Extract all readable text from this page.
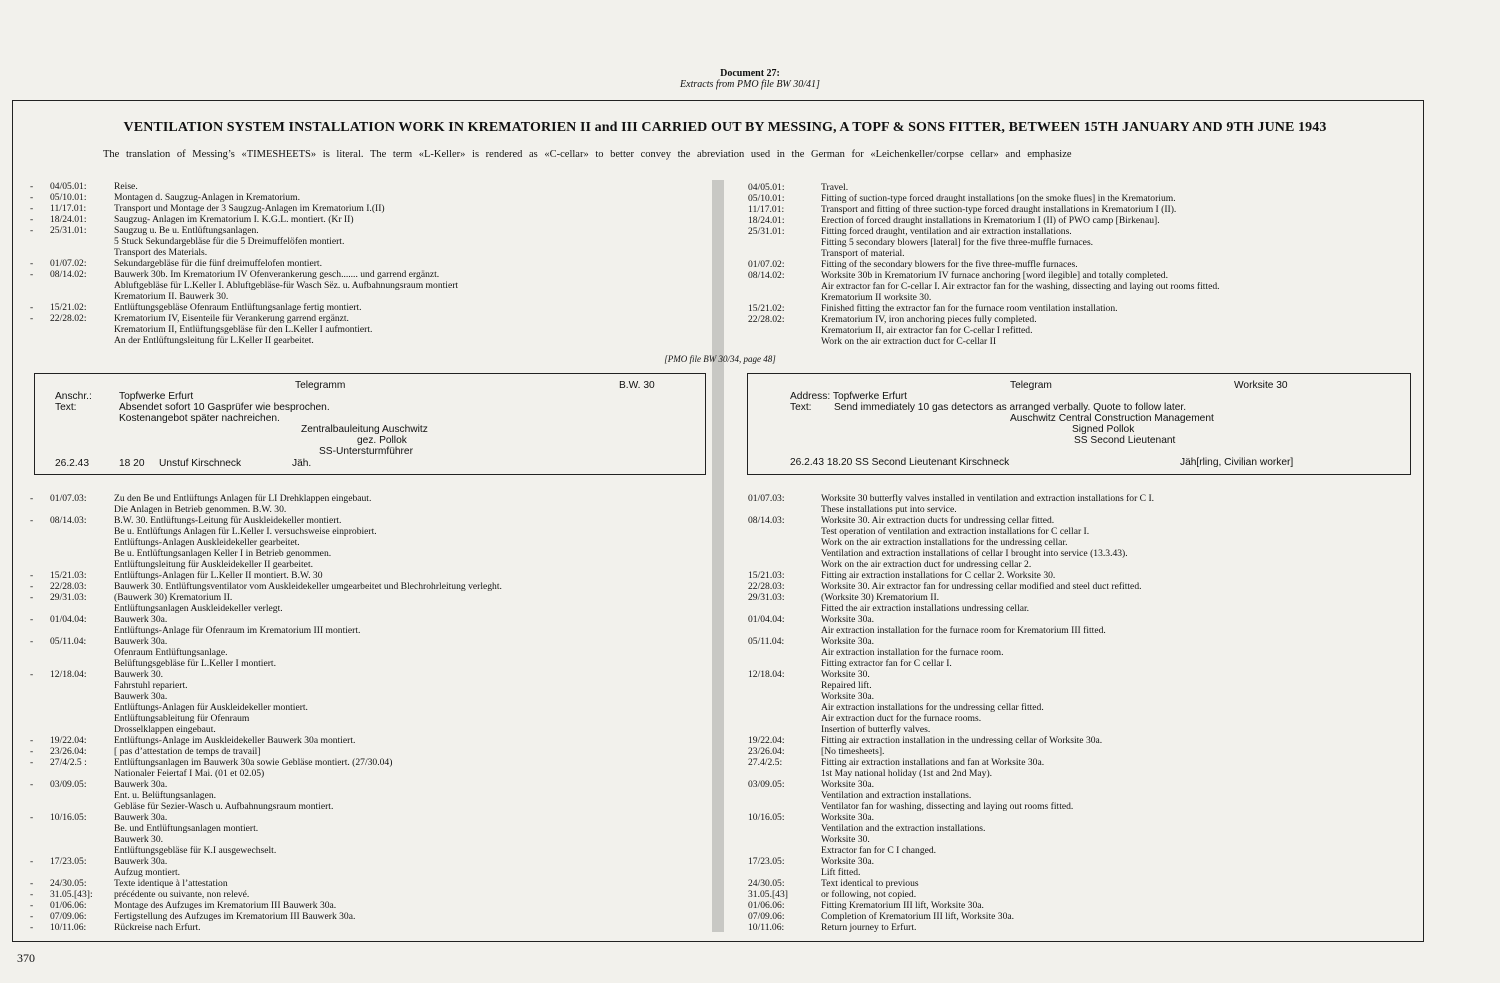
Document 27:
Extracts from PMO file BW 30/41]
VENTILATION SYSTEM INSTALLATION WORK IN KREMATORIEN II and III CARRIED OUT BY MESSING, A TOPF & SONS FITTER, BETWEEN 15TH JANUARY AND 9TH JUNE 1943
The translation of Messing’s «TIMESHEETS» is literal. The term «L-Keller» is rendered as «C-cellar» to better convey the abreviation used in the German for «Leichenkeller/corpse cellar» and emphasize
-	04/05.01:	Reise.
-	05/10.01:	Montagen d. Saugzug-Anlagen in Krematorium.
-	11/17.01:	Transport und Montage der 3 Saugzug-Anlagen im Krematorium I.(II)
-	18/24.01:	Saugzug- Anlagen im Krematorium I. K.G.L. montiert. (Kr II)
-	25/31.01:	Saugzug u. Be u. Entlüftungsanlagen.
5 Stuck Sekundargebläse für die 5 Dreimuffelöfen montiert.
Transport des Materials.
-	01/07.02:	Sekundargebläse für die fünf dreimuffelofen montiert.
-	08/14.02:	Bauwerk 30b. Im Krematorium IV Ofenverankerung gesch....... und garrend ergänzt.
Abluftgebläse für L.Keller I. Abluftgebläse-für Wasch Sëz. u. Aufbahnungsraum montiert
Krematorium II. Bauwerk 30.
-	15/21.02:	Entlüftungsgebläse Ofenraum Entlüftungsanlage fertig montiert.
-	22/28.02:	Krematorium IV, Eisenteile für Verankerung garrend ergänzt.
Krematorium II, Entlüftungsgebläse für den L.Keller I aufmontiert.
An der Entlüftungsleitung für L.Keller II gearbeitet.
04/05.01:	Travel.
05/10.01:	Fitting of suction-type forced draught installations [on the smoke flues] in the Krematorium.
11/17.01:	Transport and fitting of three suction-type forced draught installations in Krematorium I (II).
18/24.01:	Erection of forced draught installations in Krematorium I (II) of PWO camp [Birkenau].
25/31.01:	Fitting forced draught, ventilation and air extraction installations.
Fitting 5 secondary blowers [lateral] for the five three-muffle furnaces.
Transport of material.
01/07.02:	Fitting of the secondary blowers for the five three-muffle furnaces.
08/14.02:	Worksite 30b in Krematorium IV furnace anchoring [word ilegible] and totally completed.
Air extractor fan for C-cellar I. Air extractor fan for the washing, dissecting and laying out rooms fitted.
Krematorium II worksite 30.
15/21.02:	Finished fitting the extractor fan for the furnace room ventilation installation.
22/28.02:	Krematorium IV, iron anchoring pieces fully completed.
Krematorium II, air extractor fan for C-cellar I refitted.
Work on the air extraction duct for C-cellar II
[PMO file BW 30/34, page 48]
Telegramm	B.W. 30
Anschr.:	Topfwerke Erfurt
Text:	Absendet sofort 10 Gasprüfer wie besprochen.
Kostenangebot später nachreichen.
Zentralbauleitung Auschwitz
gez. Pollok
SS-Untersturmführer
26.2.43	18 20 Unstuf Kirschneck	Jäh.
Telegram	Worksite 30
Address: Topfwerke Erfurt
Text: Send immediately 10 gas detectors as arranged verbally. Quote to follow later.
Auschwitz Central Construction Management
Signed Pollok
SS Second Lieutenant
26.2.43 18.20 SS Second Lieutenant Kirschneck	Jäh[rling, Civilian worker]
-	01/07.03:	Zu den Be und Entlüftungs Anlagen für LI Drehklappen eingebaut.
Die Anlagen in Betrieb genommen. B.W. 30.
-	08/14.03:	B.W. 30. Entlüftungs-Leitung für Auskleidekeller montiert.
Be u. Entlüftungs Anlagen für L.Keller I. versuchsweise einprobiert.
Entlüftungs-Anlagen Auskleidekeller gearbeitet.
Be u. Entlüftungsanlagen Keller I in Betrieb genommen.
Entlüftungsleitung für Auskleidekeller II gearbeitet.
-	15/21.03:	Entlüftungs-Anlagen für L.Keller II montiert. B.W. 30
-	22/28.03:	Bauwerk 30. Entlüftungsventilator vom Auskleidekeller umgearbeitet und Blechrohrleitung verleght.
-	29/31.03:	(Bauwerk 30) Krematorium II.
Entlüftungsanlagen Auskleidekeller verlegt.
-	01/04.04:	Bauwerk 30a.
Entlüftungs-Anlage für Ofenraum im Krematorium III montiert.
-	05/11.04:	Bauwerk 30a.
Ofenraum Entlüftungsanlage.
Belüftungsgebläse für L.Keller I montiert.
-	12/18.04:	Bauwerk 30.
Fahrstuhl repariert.
Bauwerk 30a.
Entlüftungs-Anlagen für Auskleidekeller montiert.
Entlüftungsableitung für Ofenraum
Drosselklappen eingebaut.
-	19/22.04:	Entlüftungs-Anlage im Auskleidekeller Bauwerk 30a montiert.
-	23/26.04:	[ pas d’attestation de temps de travail]
-	27/4/2.5 :	Entlüftungsanlagen im Bauwerk 30a sowie Gebläse montiert. (27/30.04)
Nationaler Feiertaf I Mai. (01 et 02.05)
-	03/09.05:	Bauwerk 30a.
Ent. u. Belüftungsanlagen.
Gebläse für Sezier-Wasch u. Aufbahnungsraum montiert.
-	10/16.05:	Bauwerk 30a.
Be. und Entlüftungsanlagen montiert.
Bauwerk 30.
Entlüftungsgebläse für K.I ausgewechselt.
-	17/23.05:	Bauwerk 30a.
Aufzug montiert.
-	24/30.05:	Texte identique à l’attestation
-	31.05.[43]:	précédente ou suivante, non relevé.
-	01/06.06:	Montage des Aufzuges im Krematorium III Bauwerk 30a.
-	07/09.06:	Fertigstellung des Aufzuges im Krematorium III Bauwerk 30a.
-	10/11.06:	Rückreise nach Erfurt.
01/07.03:	Worksite 30 butterfly valves installed in ventilation and extraction installations for C I.
These installations put into service.
08/14.03:	Worksite 30. Air extraction ducts for undressing cellar fitted.
Test operation of ventilation and extraction installations for C cellar I.
Work on the air extraction installations for the undressing cellar.
Ventilation and extraction installations of cellar I brought into service (13.3.43).
Work on the air extraction duct for undressing cellar 2.
15/21.03:	Fitting air extraction installations for C cellar 2. Worksite 30.
22/28.03:	Worksite 30. Air extractor fan for undressing cellar modified and steel duct refitted.
29/31.03:	(Worksite 30) Krematorium II.
Fitted the air extraction installations undressing cellar.
01/04.04:	Worksite 30a.
Air extraction installation for the furnace room for Krematorium III fitted.
05/11.04:	Worksite 30a.
Air extraction installation for the furnace room.
Fitting extractor fan for C cellar I.
12/18.04:	Worksite 30.
Repaired lift.
Worksite 30a.
Air extraction installations for the undressing cellar fitted.
Air extraction duct for the furnace rooms.
Insertion of butterfly valves.
19/22.04:	Fitting air extraction installation in the undressing cellar of Worksite 30a.
23/26.04:	[No timesheets].
27.4/2.5:	Fitting air extraction installations and fan at Worksite 30a.
1st May national holiday (1st and 2nd May).
03/09.05:	Worksite 30a.
Ventilation and extraction installations.
Ventilator fan for washing, dissecting and laying out rooms fitted.
10/16.05:	Worksite 30a.
Ventilation and the extraction installations.
Worksite 30.
Extractor fan for C I changed.
17/23.05:	Worksite 30a.
Lift fitted.
24/30.05:	Text identical to previous
31.05.[43]	or following, not copied.
01/06.06:	Fitting Krematorium III lift, Worksite 30a.
07/09.06:	Completion of Krematorium III lift, Worksite 30a.
10/11.06:	Return journey to Erfurt.
370
